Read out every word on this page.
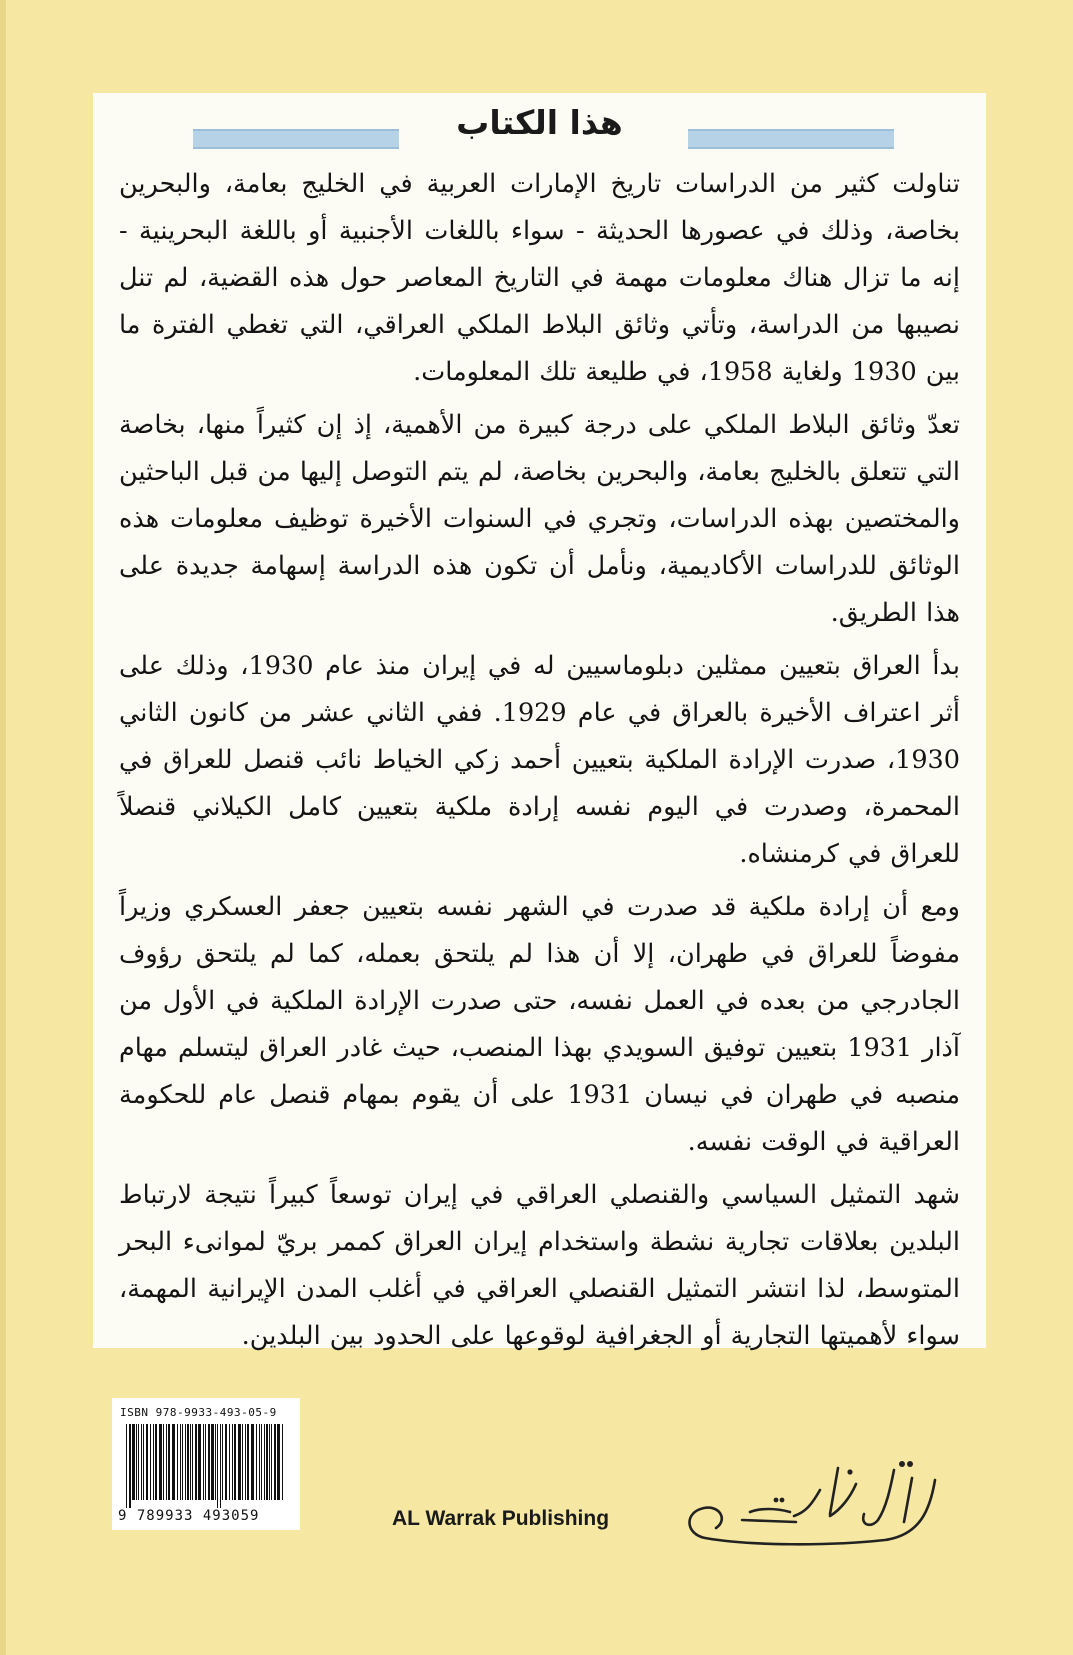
هذا الكتاب

تناولت كثير من الدراسات تاريخ الإمارات العربية في الخليج بعامة، والبحرين بخاصة، وذلك في عصورها الحديثة - سواء باللغات الأجنبية أو باللغة البحرينية - إنه ما تزال هناك معلومات مهمة في التاريخ المعاصر حول هذه القضية، لم تنل نصيبها من الدراسة، وتأتي وثائق البلاط الملكي العراقي، التي تغطي الفترة ما بين 1930 ولغاية 1958، في طليعة تلك المعلومات.

تعدّ وثائق البلاط الملكي على درجة كبيرة من الأهمية، إذ إن كثيراً منها، بخاصة التي تتعلق بالخليج بعامة، والبحرين بخاصة، لم يتم التوصل إليها من قبل الباحثين والمختصين بهذه الدراسات، وتجري في السنوات الأخيرة توظيف معلومات هذه الوثائق للدراسات الأكاديمية، ونأمل أن تكون هذه الدراسة إسهامة جديدة على هذا الطريق.

بدأ العراق بتعيين ممثلين دبلوماسيين له في إيران منذ عام 1930، وذلك على أثر اعتراف الأخيرة بالعراق في عام 1929. ففي الثاني عشر من كانون الثاني 1930، صدرت الإرادة الملكية بتعيين أحمد زكي الخياط نائب قنصل للعراق في المحمرة، وصدرت في اليوم نفسه إرادة ملكية بتعيين كامل الكيلاني قنصلاً للعراق في كرمنشاه.

ومع أن إرادة ملكية قد صدرت في الشهر نفسه بتعيين جعفر العسكري وزيراً مفوضاً للعراق في طهران، إلا أن هذا لم يلتحق بعمله، كما لم يلتحق رؤوف الجادرجي من بعده في العمل نفسه، حتى صدرت الإرادة الملكية في الأول من آذار 1931 بتعيين توفيق السويدي بهذا المنصب، حيث غادر العراق ليتسلم مهام منصبه في طهران في نيسان 1931 على أن يقوم بمهام قنصل عام للحكومة العراقية في الوقت نفسه.

شهد التمثيل السياسي والقنصلي العراقي في إيران توسعاً كبيراً نتيجة لارتباط البلدين بعلاقات تجارية نشطة واستخدام إيران العراق كممر بريّ لموانىء البحر المتوسط، لذا انتشر التمثيل القنصلي العراقي في أغلب المدن الإيرانية المهمة، سواء لأهميتها التجارية أو الجغرافية لوقوعها على الحدود بين البلدين.

ISBN 978-9933-493-05-9
9 789933 493059	AL Warrak Publishing
